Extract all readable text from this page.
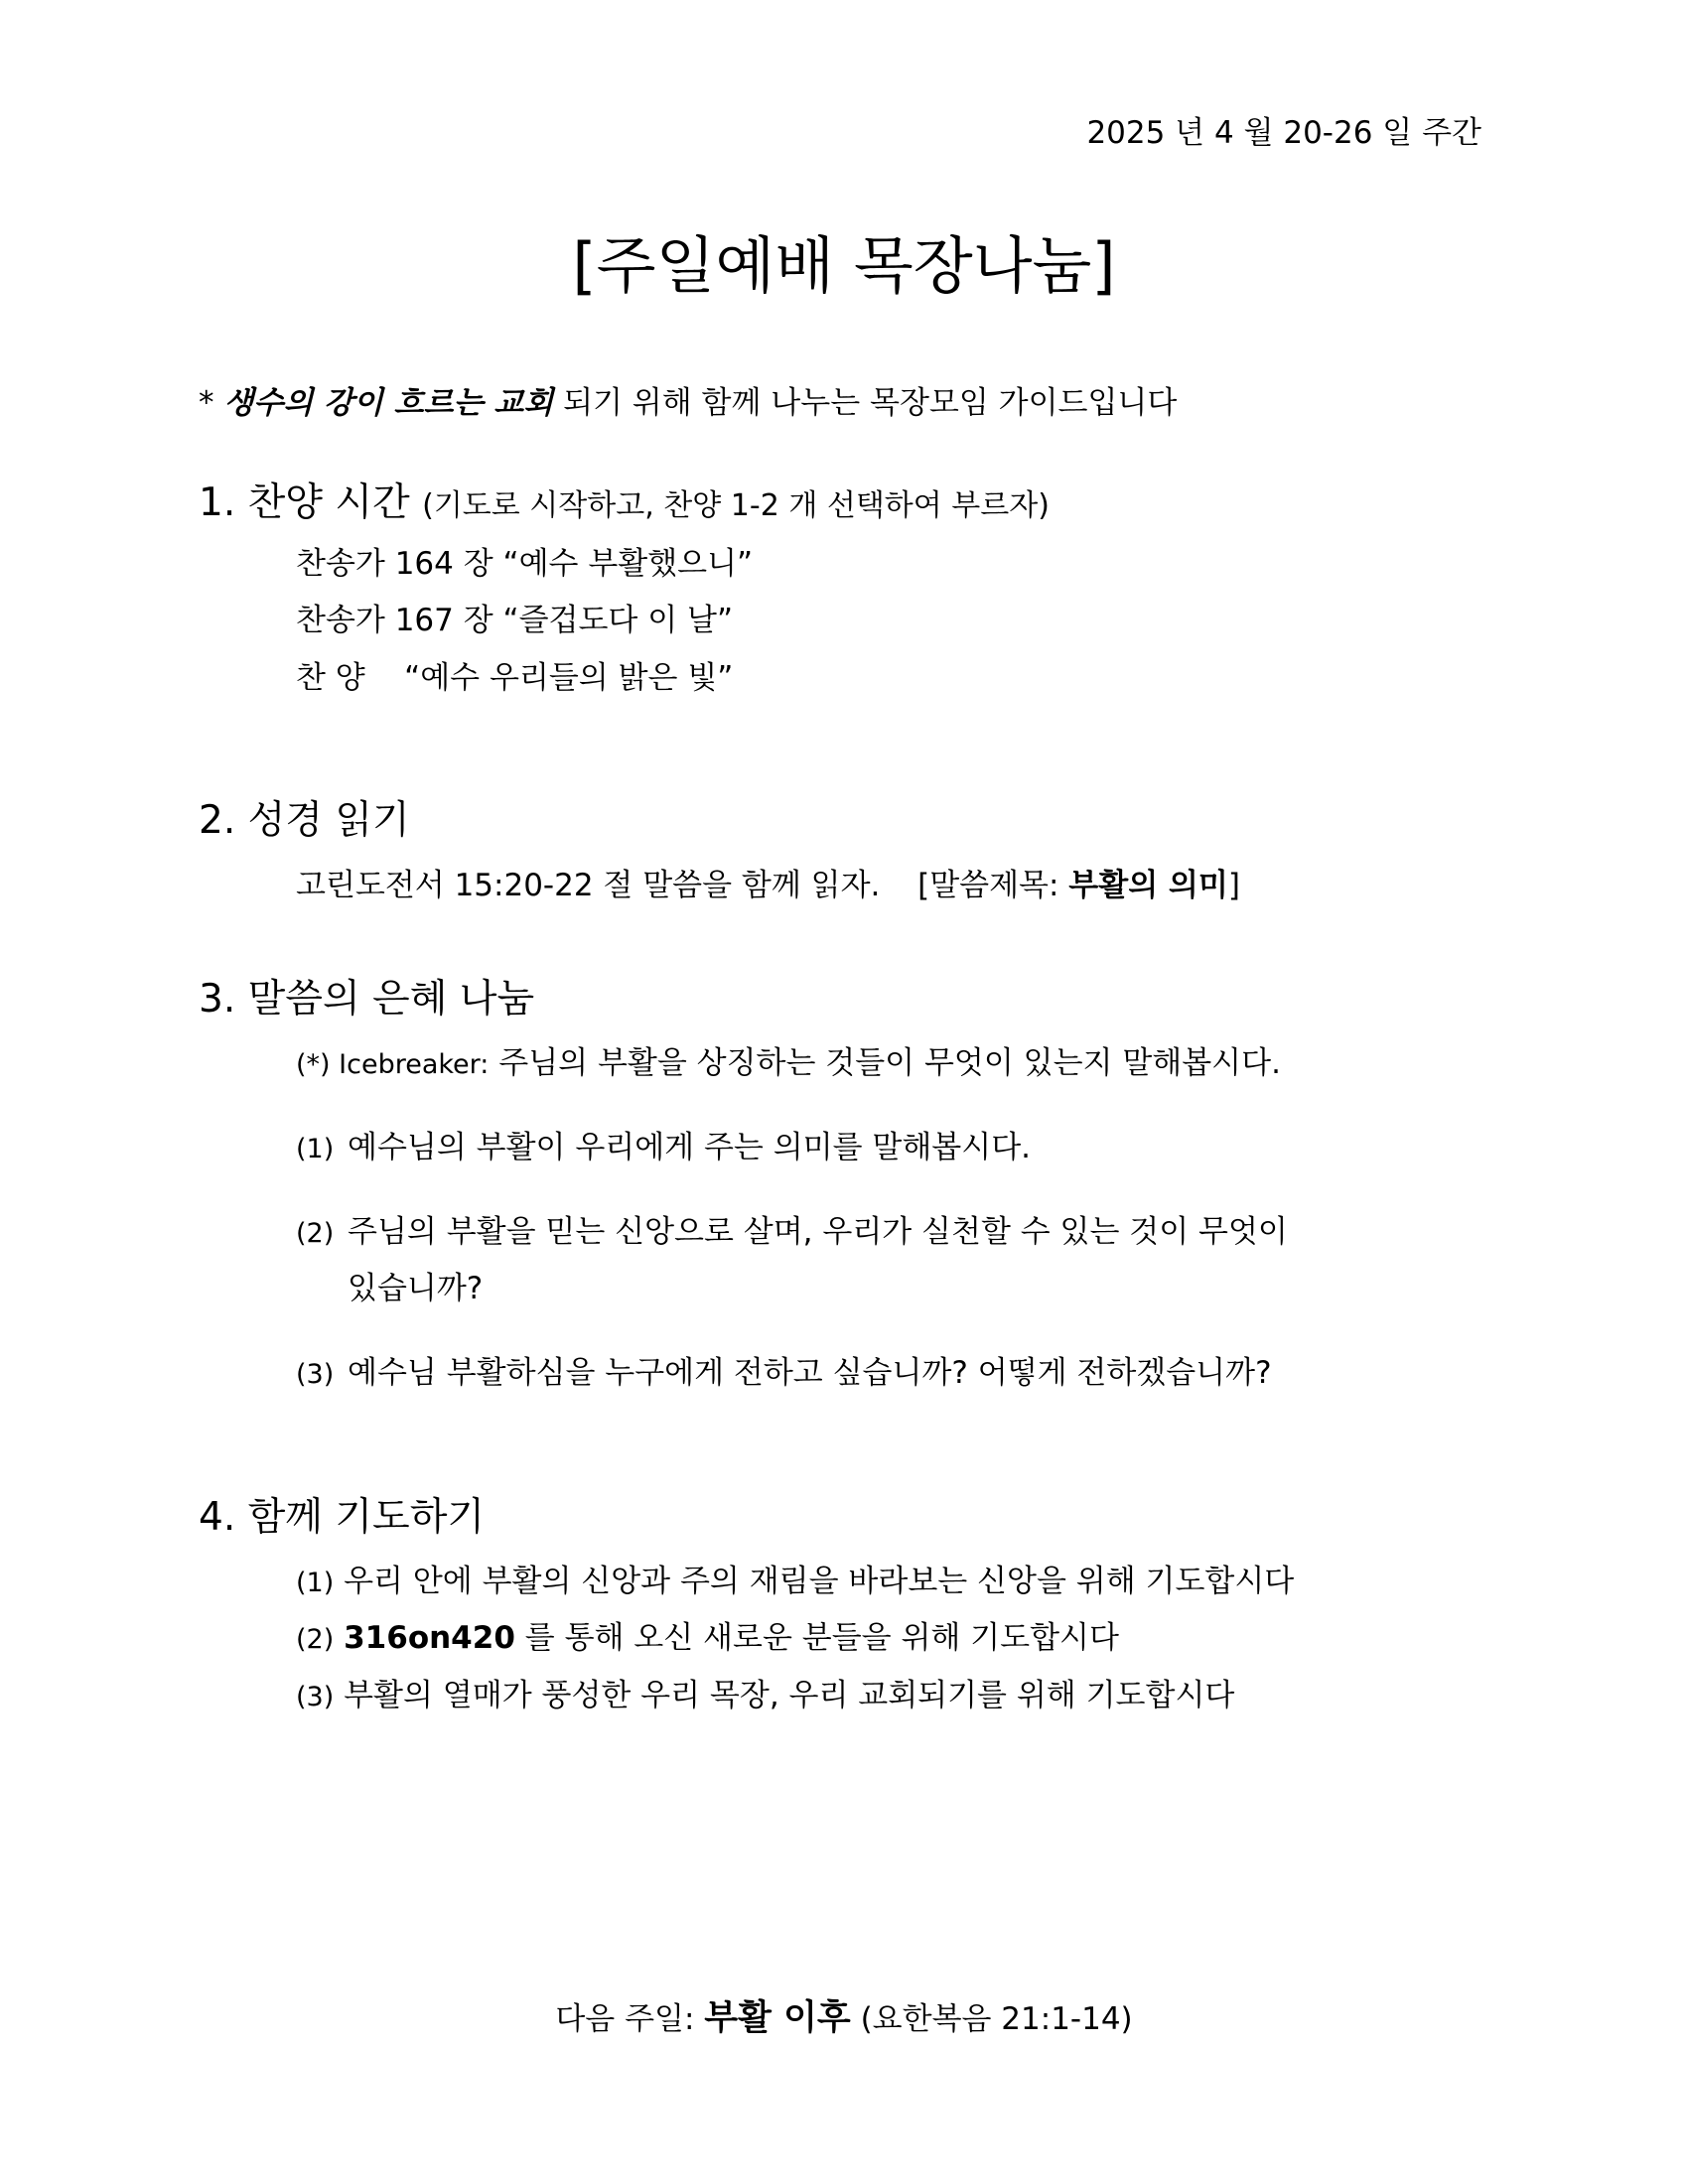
2025 년 4 월 20-26 일 주간
[주일예배 목장나눔]
* 생수의 강이 흐르는 교회 되기 위해 함께 나누는 목장모임 가이드입니다
1. 찬양 시간 (기도로 시작하고, 찬양 1-2 개 선택하여 부르자)
찬송가 164 장 “예수 부활했으니”
찬송가 167 장 “즐겁도다 이 날”
찬 양    “예수 우리들의 밝은 빛”
2. 성경 읽기
고린도전서 15:20-22 절 말씀을 함께 읽자. [말씀제목: 부활의 의미]
3. 말씀의 은혜 나눔
(*) Icebreaker: 주님의 부활을 상징하는 것들이 무엇이 있는지 말해봅시다.
(1) 예수님의 부활이 우리에게 주는 의미를 말해봅시다.
(2) 주님의 부활을 믿는 신앙으로 살며, 우리가 실천할 수 있는 것이 무엇이
있습니까?
(3) 예수님 부활하심을 누구에게 전하고 싶습니까? 어떻게 전하겠습니까?
4. 함께 기도하기
(1) 우리 안에 부활의 신앙과 주의 재림을 바라보는 신앙을 위해 기도합시다
(2) 316on420 를 통해 오신 새로운 분들을 위해 기도합시다
(3) 부활의 열매가 풍성한 우리 목장, 우리 교회되기를 위해 기도합시다
다음 주일: 부활 이후 (요한복음 21:1-14)
